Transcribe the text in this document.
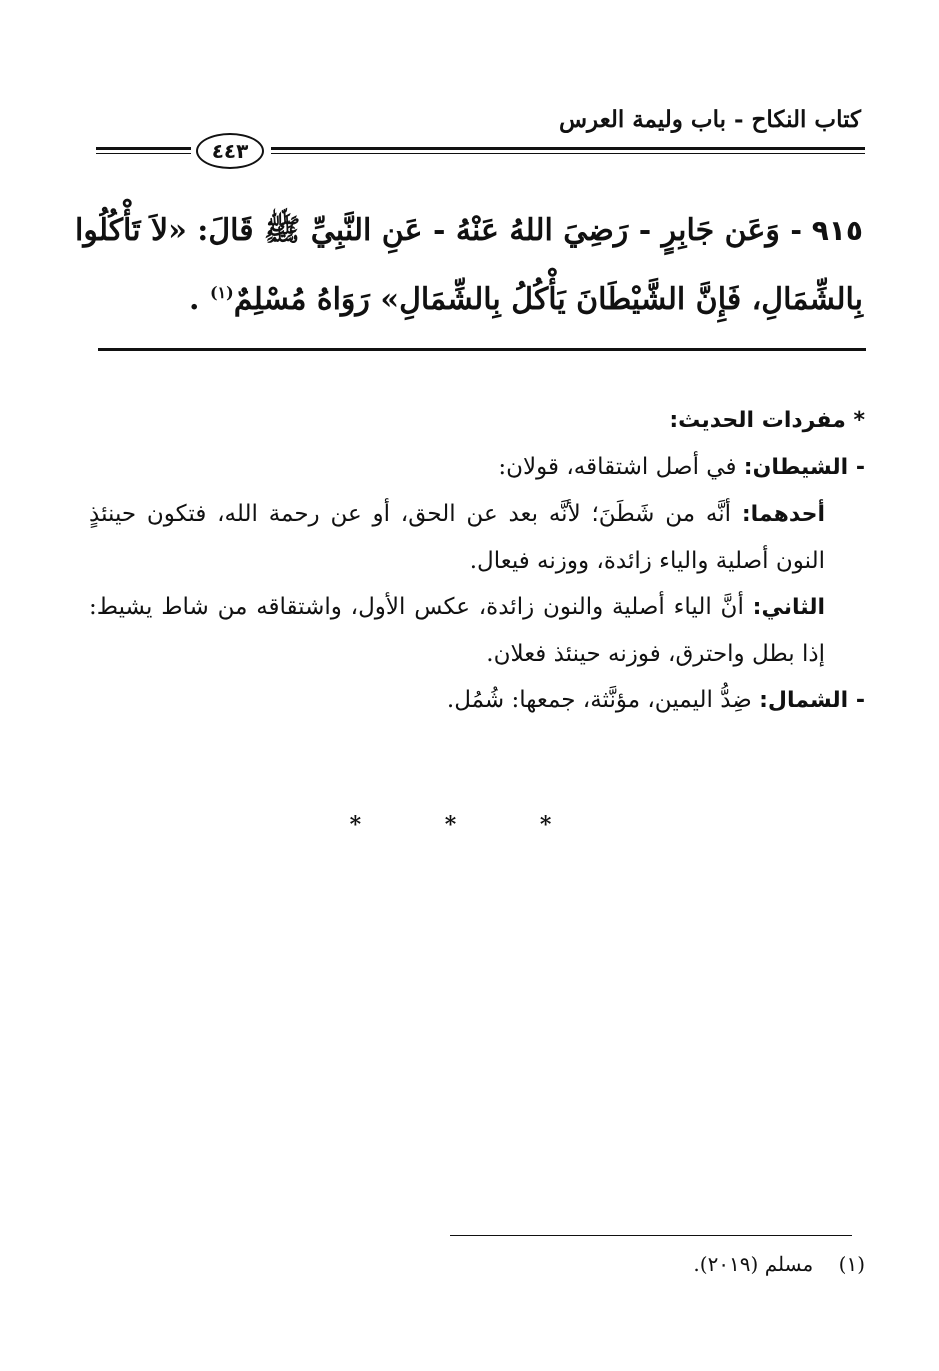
كتاب النكاح - باب وليمة العرس
٤٤٣
٩١٥ - وَعَن جَابِرٍ - رَضِيَ اللهُ عَنْهُ - عَنِ النَّبِيِّ ﷺ قَالَ: «لاَ تَأْكُلُوا بِالشِّمَالِ، فَإِنَّ الشَّيْطَانَ يَأْكُلُ بِالشِّمَالِ» رَوَاهُ مُسْلِمٌ$^{(١)}$ .

* مفردات الحديث:

- الشيطان: في أصل اشتقاقه، قولان:

أحدهما: أنَّه من شَطَنَ؛ لأنَّه بعد عن الحق، أو عن رحمة الله، فتكون حينئذٍ النون أصلية والياء زائدة، ووزنه فيعال.

الثاني: أنَّ الياء أصلية والنون زائدة، عكس الأول، واشتقاقه من شاط يشيط: إذا بطل واحترق، فوزنه حينئذ فعلان.

- الشمال: ضِدُّ اليمين، مؤنَّثة، جمعها: شُمُل.

* * *
(١)    مسلم (٢٠١٩).
